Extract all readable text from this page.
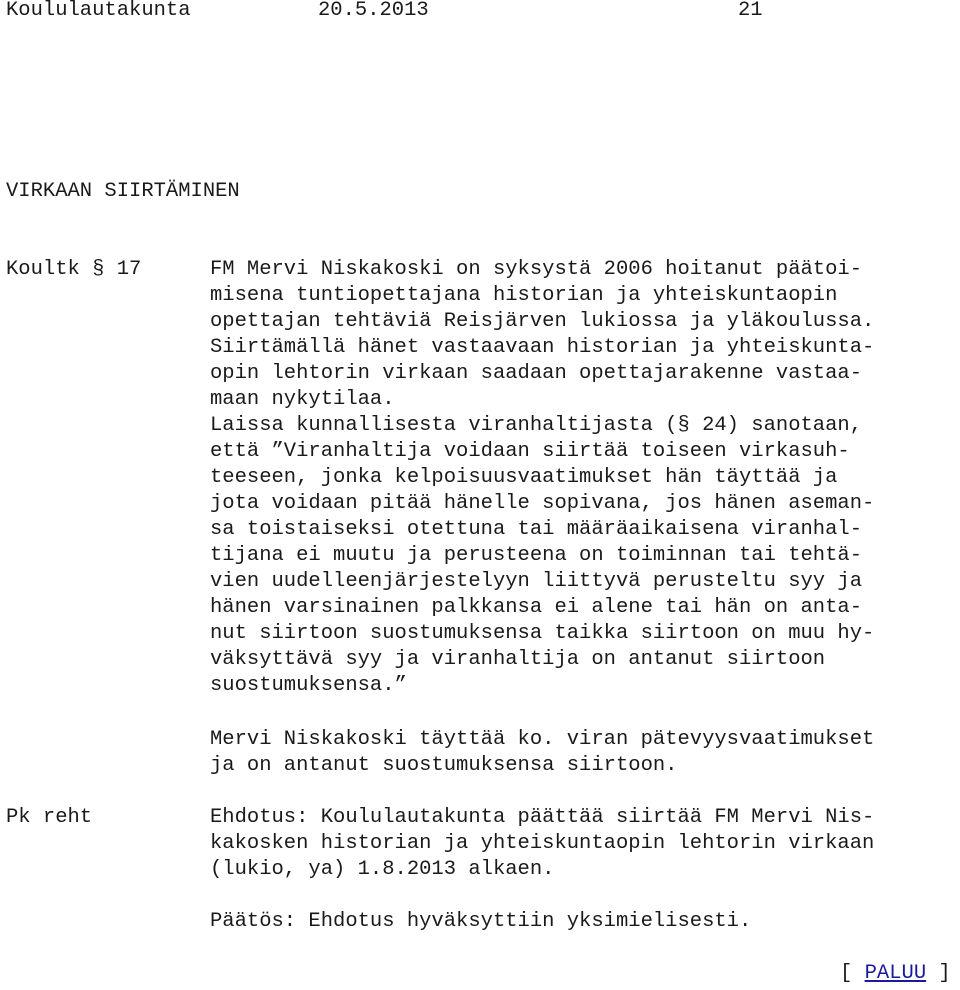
Koululautakunta	20.5.2013	21
VIRKAAN SIIRTÄMINEN
Koultk § 17	FM Mervi Niskakoski on syksystä 2006 hoitanut päätoi-
misena tuntiopettajana historian ja yhteiskuntaopin
opettajan tehtäviä Reisjärven lukiossa ja yläkoulussa.
Siirtämällä hänet vastaavaan historian ja yhteiskunta-
opin lehtorin virkaan saadaan opettajarakenne vastaa-
maan nykytilaa.
Laissa kunnallisesta viranhaltijasta (§ 24) sanotaan,
että ”Viranhaltija voidaan siirtää toiseen virkasuh-
teeseen, jonka kelpoisuusvaatimukset hän täyttää ja
jota voidaan pitää hänelle sopivana, jos hänen aseman-
sa toistaiseksi otettuna tai määräaikaisena viranhal-
tijana ei muutu ja perusteena on toiminnan tai tehtä-
vien uudelleenjärjestelyyn liittyvä perusteltu syy ja
hänen varsinainen palkkansa ei alene tai hän on anta-
nut siirtoon suostumuksensa taikka siirtoon on muu hy-
väksyttävä syy ja viranhaltija on antanut siirtoon
suostumuksensa.”
Mervi Niskakoski täyttää ko. viran pätevyysvaatimukset
ja on antanut suostumuksensa siirtoon.
Pk reht	Ehdotus: Koululautakunta päättää siirtää FM Mervi Nis-
kakosken historian ja yhteiskuntaopin lehtorin virkaan
(lukio, ya) 1.8.2013 alkaen.
Päätös: Ehdotus hyväksyttiin yksimielisesti.
[ PALUU ]
